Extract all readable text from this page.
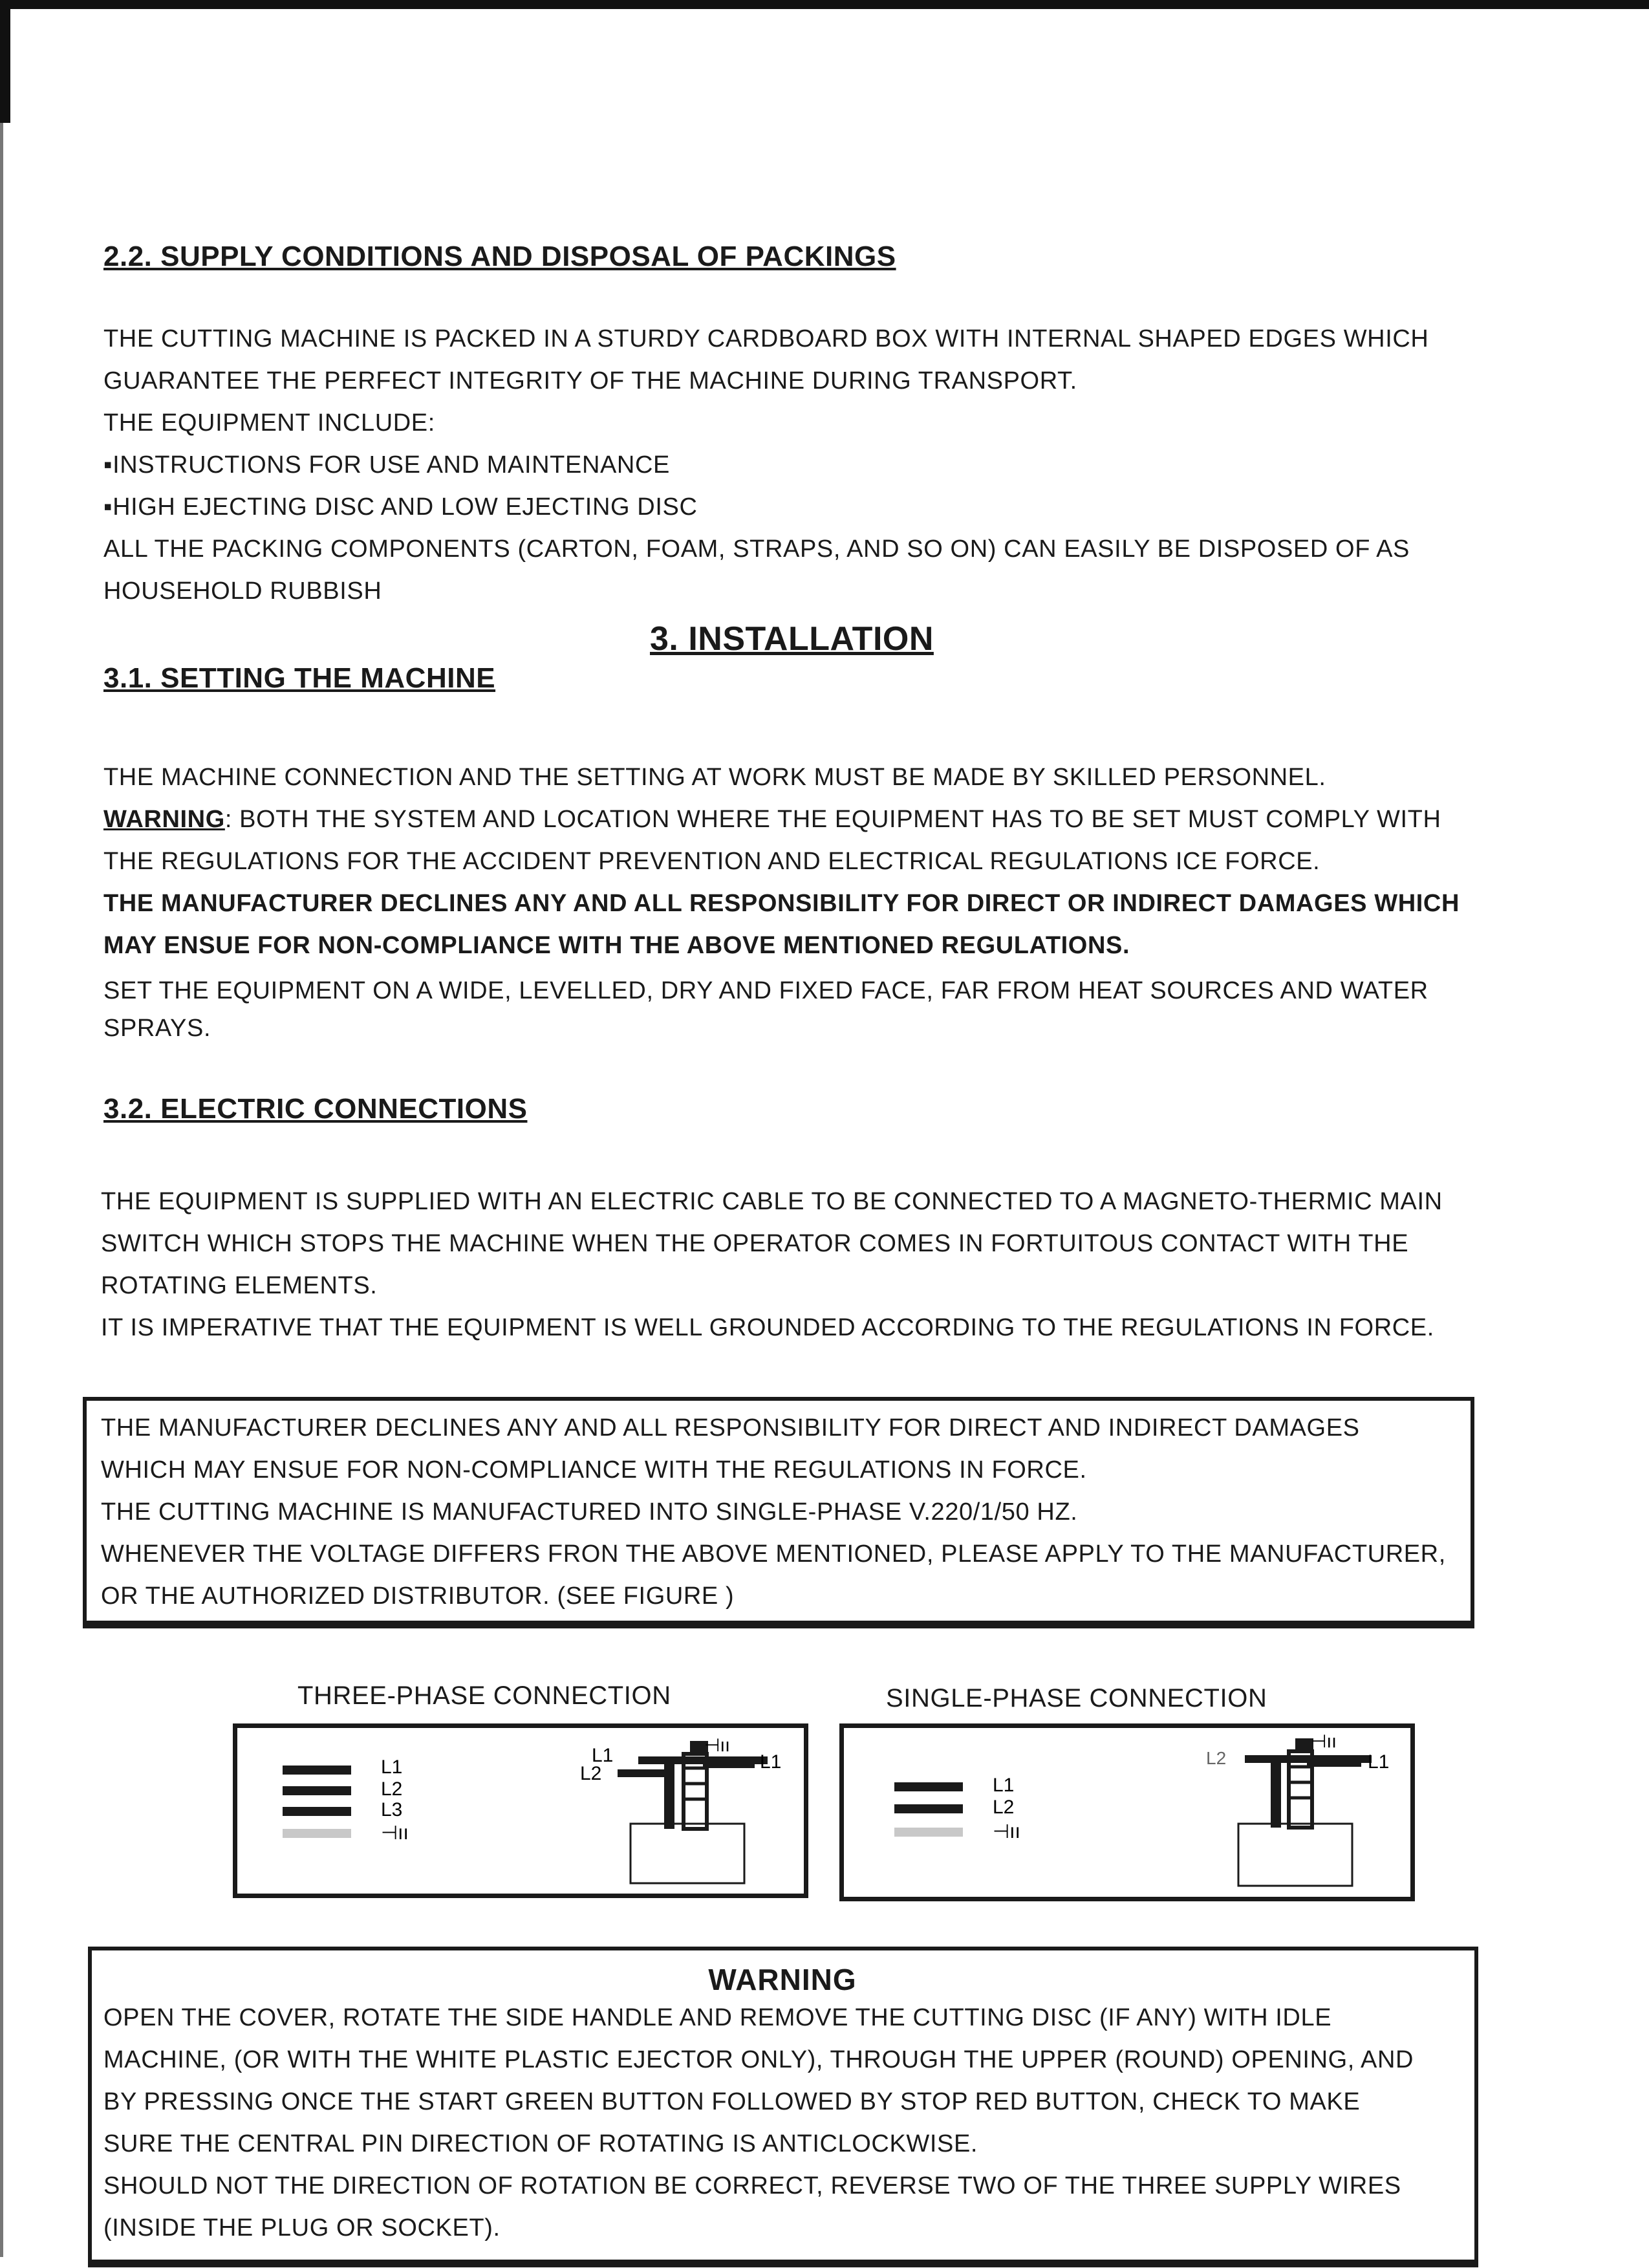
2.2. SUPPLY CONDITIONS AND DISPOSAL OF PACKINGS
THE CUTTING MACHINE IS PACKED IN A STURDY CARDBOARD BOX WITH INTERNAL SHAPED EDGES WHICH
GUARANTEE THE PERFECT INTEGRITY OF THE MACHINE DURING TRANSPORT.
THE EQUIPMENT INCLUDE:
▪INSTRUCTIONS FOR USE AND MAINTENANCE
▪HIGH EJECTING DISC AND LOW EJECTING DISC
ALL THE PACKING COMPONENTS (CARTON, FOAM, STRAPS, AND SO ON) CAN EASILY BE DISPOSED OF AS
HOUSEHOLD RUBBISH
3. INSTALLATION
3.1. SETTING THE MACHINE
THE MACHINE CONNECTION AND THE SETTING AT WORK MUST BE MADE BY SKILLED PERSONNEL.
WARNING: BOTH THE SYSTEM AND LOCATION WHERE THE EQUIPMENT HAS TO BE SET MUST COMPLY WITH
THE REGULATIONS FOR THE ACCIDENT PREVENTION AND ELECTRICAL REGULATIONS ICE FORCE.
THE MANUFACTURER DECLINES ANY AND ALL RESPONSIBILITY FOR DIRECT OR INDIRECT DAMAGES WHICH
MAY ENSUE FOR NON-COMPLIANCE WITH THE ABOVE MENTIONED REGULATIONS.
SET THE EQUIPMENT ON A WIDE, LEVELLED, DRY AND FIXED FACE, FAR FROM HEAT SOURCES AND WATER
SPRAYS.
3.2. ELECTRIC CONNECTIONS
THE EQUIPMENT IS SUPPLIED WITH AN ELECTRIC CABLE TO BE CONNECTED TO A MAGNETO-THERMIC MAIN
SWITCH WHICH STOPS THE MACHINE WHEN THE OPERATOR COMES IN FORTUITOUS CONTACT WITH THE
ROTATING ELEMENTS.
IT IS IMPERATIVE THAT THE EQUIPMENT IS WELL GROUNDED ACCORDING TO THE REGULATIONS IN FORCE.
THE MANUFACTURER DECLINES ANY AND ALL RESPONSIBILITY FOR DIRECT AND INDIRECT DAMAGES
WHICH MAY ENSUE FOR NON-COMPLIANCE WITH THE REGULATIONS IN FORCE.
THE CUTTING MACHINE IS MANUFACTURED INTO SINGLE-PHASE V.220/1/50 HZ.
WHENEVER THE VOLTAGE DIFFERS FRON THE ABOVE MENTIONED, PLEASE APPLY TO THE MANUFACTURER,
OR THE AUTHORIZED DISTRIBUTOR. (SEE FIGURE )
THREE-PHASE CONNECTION	SINGLE-PHASE CONNECTION
L1
L2
L3
⊣ıı
L1
L2
L1
⊣ıı
L1
L2
⊣ıı
L2	L1
⊣ıı
WARNING
OPEN THE COVER, ROTATE THE SIDE HANDLE AND REMOVE THE CUTTING DISC (IF ANY) WITH IDLE
MACHINE, (OR WITH THE WHITE PLASTIC EJECTOR ONLY), THROUGH THE UPPER (ROUND) OPENING, AND
BY PRESSING ONCE THE START GREEN BUTTON FOLLOWED BY STOP RED BUTTON, CHECK TO MAKE
SURE THE CENTRAL PIN DIRECTION OF ROTATING IS ANTICLOCKWISE.
SHOULD NOT THE DIRECTION OF ROTATION BE CORRECT, REVERSE TWO OF THE THREE SUPPLY WIRES
(INSIDE THE PLUG OR SOCKET).
